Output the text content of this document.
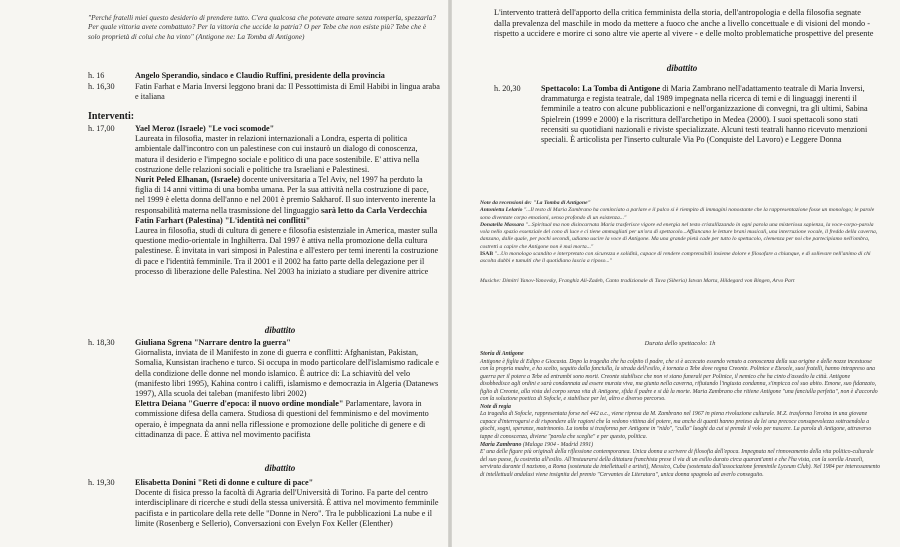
"Perché fratelli miei questo desiderio di prendere tutto. C'era qualcosa che potevate amare senza romperla, spezzarla? Per quale vittoria avete combattuto? Per la vittoria che uccide la patria? O per Tebe che non esiste più? Tebe che è solo proprietà di colui che ha vinto" (Antigone ne: La Tomba di Antigone)
h. 16	Angelo Sperandio, sindaco e Claudio Ruffini, presidente della provincia
h. 16,30	Fatin Farhat e Maria Inversi leggono brani da: Il Pessottimista di Emil Habibi in lingua araba e italiana
Interventi:
h. 17,00	Yael Meroz (Israele) "Le voci scomode"
Laureata in filosofia, master in relazioni internazionali a Londra, esperta di politica ambientale dall'incontro con un palestinese con cui instaurò un dialogo di conoscenza, matura il desiderio e l'impegno sociale e politico di una pace sostenibile. E' attiva nella costruzione delle relazioni sociali e politiche tra Israeliani e Palestinesi.
Nurit Peled Elhanan, (Israele) docente universitaria a Tel Aviv, nel 1997 ha perduto la figlia di 14 anni vittima di una bomba umana. Per la sua attività nella costruzione di pace, nel 1999 è eletta donna dell'anno e nel 2001 è premio Sakharof. Il suo intervento inerente la responsabilità materna nella trasmissione del linguaggio sarà letto da Carla Verdecchia
Fatin Farhart (Palestina) "L'identità nei conflitti"
Laurea in filosofia, studi di cultura di genere e filosofia esistenziale in America, master sulla questione medio-orientale in Inghilterra. Dal 1997 è attiva nella promozione della cultura palestinese. È invitata in vari simposi in Palestina e all'estero per temi inerenti la costruzione di pace e l'identità femminile. Tra il 2001 e il 2002 ha fatto parte della delegazione per il processo di liberazione delle Palestina. Nel 2003 ha iniziato a studiare per divenire attrice
dibattito
h. 18,30	Giuliana Sgrena "Narrare dentro la guerra"
Giornalista, inviata de il Manifesto in zone di guerra e conflitti: Afghanistan, Pakistan, Somalia, Kunsistan iracheno e turco. Si occupa in modo particolare dell'islamismo radicale e della condizione delle donne nel mondo islamico. È autrice di: La schiavitù del velo (manifesto libri 1995), Kahina contro i califfi, islamismo e democrazia in Algeria (Datanews 1997), Alla scuola dei taleban (manifesto libri 2002)
Elettra Deiana "Guerre d'epoca: il nuovo ordine mondiale" Parlamentare, lavora in commissione difesa della camera. Studiosa di questioni del femminismo e del movimento operaio, è impegnata da anni nella riflessione e promozione delle politiche di genere e di cittadinanza di pace. È attiva nel movimento pacifista
dibattito
h. 19,30	Elisabetta Donini "Reti di donne e culture di pace"
Docente di fisica presso la facoltà di Agraria dell'Università di Torino. Fa parte del centro interdisciplinare di ricerche e studi della stessa università. È attiva nel movimento femminile pacifista e in particolare della rete delle "Donne in Nero". Tra le pubblicazioni La nube e il limite (Rosenberg e Sellerio), Conversazioni con Evelyn Fox Keller (Elenther)
L'intervento tratterà dell'apporto della critica femminista della storia, dell'antropologia e della filosofia segnate dalla prevalenza del maschile in modo da mettere a fuoco che anche a livello concettuale e di visioni del mondo - rispetto a uccidere e morire ci sono altre vie aperte al vivere - e delle molto problematiche prospettive del presente
dibattito
h. 20,30	Spettacolo: La Tomba di Antigone di Maria Zambrano nell'adattamento teatrale di Maria Inversi, drammaturga e regista teatrale, dal 1989 impegnata nella ricerca di temi e di linguaggi inerenti il femminile a teatro con alcune pubblicazioni e nell'organizzazione di convegni, tra gli ultimi, Sabina Spielrein (1999 e 2000) e la riscrittura dell'archetipo in Medea (2000). I suoi spettacoli sono stati recensiti su quotidiani nazionali e riviste specializzate. Alcuni testi teatrali hanno ricevuto menzioni speciali. È articolista per l'inserto culturale Via Po (Conquiste del Lavoro) e Leggere Donna
Note da recensioni de: "La Tomba di Antigone"
Antonietta Lelario "...Il testo di Maria Zambrano ha cominciato a parlare e il palco si è riempito di immagini nonostante che la rappresentazione fosse un monologo; le parole sono diventate corpo emozioni, senso profondo di un esistenza..."
Donatella Massara "...Spiritual ma non disincarnata Maria trasferisce vigore ed energia nel testo cristallizzando in ogni parola una misteriosa sapienza, la voce-corpo-parola vola nello spazio essenziale del cono di luce e ci tiene ammagliati per un'ora di spettacolo...Affiancano le letture brani musicali, una interruzione vocale, il freddo della caverna, danzano, dalle quale, per pochi secondi, udiamo uscire la voce di Antigone. Ma una grande pietà cade per tutto lo spettacolo, clemenza per noi che partecipiamo nell'ombra, costretti a capire che Antigone non è mai morta..."
ISAB "...Un monologo scandito e interpretato con sicurezza e solidità, capace di rendere comprensibili insieme dolore e filosofare a chiunque, e di sollevare nell'animo di chi ascolta dubbi e tumulti che il quotidiano lascia a riposo..."
Musiche: Dimitri Yanov-Yanovsky, Franghiz Ali-Zadeh, Canto tradizionale di Tuva (Siberia) Istvan Marta, Hildegard von Bingen, Arvo Part
Durata dello spettacolo: 1h
Storia di Antigone
Antigone è figlia di Edipo e Giocasta. Dopo la tragedia che ha colpito il padre, che si è accecato essendo venuto a conoscenza della sua origine e delle nozze incestuose con la propria madre, e ha scelto, seguito dalla fanciulla, la strada dell'esilio, è tornata a Tebe dove regna Creonte. Polinice e Eteocle, suoi fratelli, hanno intrapreso una guerra per il potere a Tebe ed entrambi sono morti. Creonte stabilisce che non vi siano funerali per Polinice, il nemico che ha cinto d'assedio la città. Antigone disobbedisce agli ordini e sarà condannata ad essere murata viva, ma giunta nella caverna, rifiutando l'ingiusta condanna, s'impicca col suo abito. Emone, suo fidanzato, figlio di Creonte, alla vista del corpo senza vita di Antigone, sfida il padre e si dà la morte. Maria Zambrano che ritiene Antigone "una fanciulla perfetta", non è d'accordo con la soluzione poetica di Sofocle, e stabilisce per lei, altro e diverso percorso.
Note di regia
La tragedia di Sofocle, rappresentata forse nel 442 a.c., viene ripresa da M. Zambrano nel 1967 in piena rivoluzione culturale. M.Z. trasforma l'eroina in una giovane capace d'interrogarsi e di rispondere alle ragioni che la vedono vittima del potere, ma anche di quanti hanno preteso da lei una precoce consapevolezza sottraendola a giochi, sogni, speranze, matrimonio. La tomba si trasforma per Antigone in "nido", "culla" luoghi da cui si prende il volo per nascere. La parola di Antigone, attraverso tappe di conoscenza, diviene "parola che sceglie" e per questo, politica.
Maria Zambrano (Malaga 1904 - Madrid 1991)
E' una delle figure più originali della riflessione contemporanea. Unica donna a scrivere di filosofia dell'epoca. Impegnata nel rinnovamento della vita politico-culturale del suo paese, fu costretta all'esilio. All'instaurarsi della dittatura franchista prese il via di un esilio durato circa quarant'anni e che l'ha vista, con la sorella Araceli, servirata durante il nazismo, a Roma (sostenuta da intellettuali e artisti), Messico, Cuba (sostenuta dall'associazione femminile Lyceum Club). Nel 1984 per interessamento di intellettuali andalusi viene insignita del premio "Cervantes de Literatura", unica donna spagnola ad averlo conseguito.
